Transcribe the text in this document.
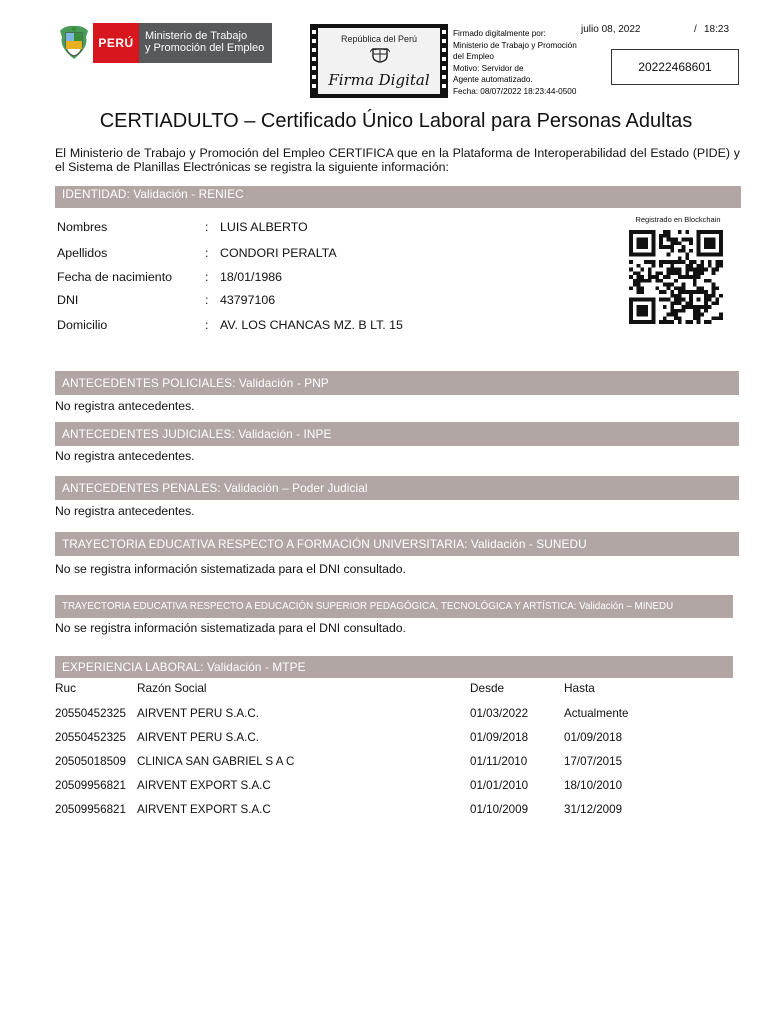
PERÚ	Ministerio de Trabajo
y Promoción del Empleo
República del Perú
Firma Digital
Firmado digitalmente por:
Ministerio de Trabajo y Promoción
del Empleo
Motivo: Servidor de
Agente automatizado.
Fecha: 08/07/2022 18:23:44-0500
julio 08, 2022	/ 18:23
20222468601
CERTIADULTO – Certificado Único Laboral para Personas Adultas
El Ministerio de Trabajo y Promoción del Empleo CERTIFICA que en la Plataforma de Interoperabilidad del Estado (PIDE) y el Sistema de Planillas Electrónicas se registra la siguiente información:
IDENTIDAD: Validación - RENIEC
Nombres	: LUIS ALBERTO
Apellidos	: CONDORI PERALTA
Fecha de nacimiento	: 18/01/1986
DNI	: 43797106
Domicilio	: AV. LOS CHANCAS MZ. B LT. 15
Registrado en Blockchain
ANTECEDENTES POLICIALES: Validación - PNP
No registra antecedentes.
ANTECEDENTES JUDICIALES: Validación - INPE
No registra antecedentes.
ANTECEDENTES PENALES: Validación – Poder Judicial
No registra antecedentes.
TRAYECTORIA EDUCATIVA RESPECTO A FORMACIÓN UNIVERSITARIA: Validación - SUNEDU
No se registra información sistematizada para el DNI consultado.
TRAYECTORIA EDUCATIVA RESPECTO A EDUCACIÓN SUPERIOR PEDAGÓGICA, TECNOLÓGICA Y ARTÍSTICA: Validación – MINEDU
No se registra información sistematizada para el DNI consultado.
EXPERIENCIA LABORAL: Validación - MTPE
Ruc	Razón Social	Desde	Hasta
20550452325 AIRVENT PERU S.A.C.	01/03/2022	Actualmente
20550452325 AIRVENT PERU S.A.C.	01/09/2018	01/09/2018
20505018509 CLINICA SAN GABRIEL S A C	01/11/2010	17/07/2015
20509956821 AIRVENT EXPORT S.A.C	01/01/2010	18/10/2010
20509956821 AIRVENT EXPORT S.A.C	01/10/2009	31/12/2009
